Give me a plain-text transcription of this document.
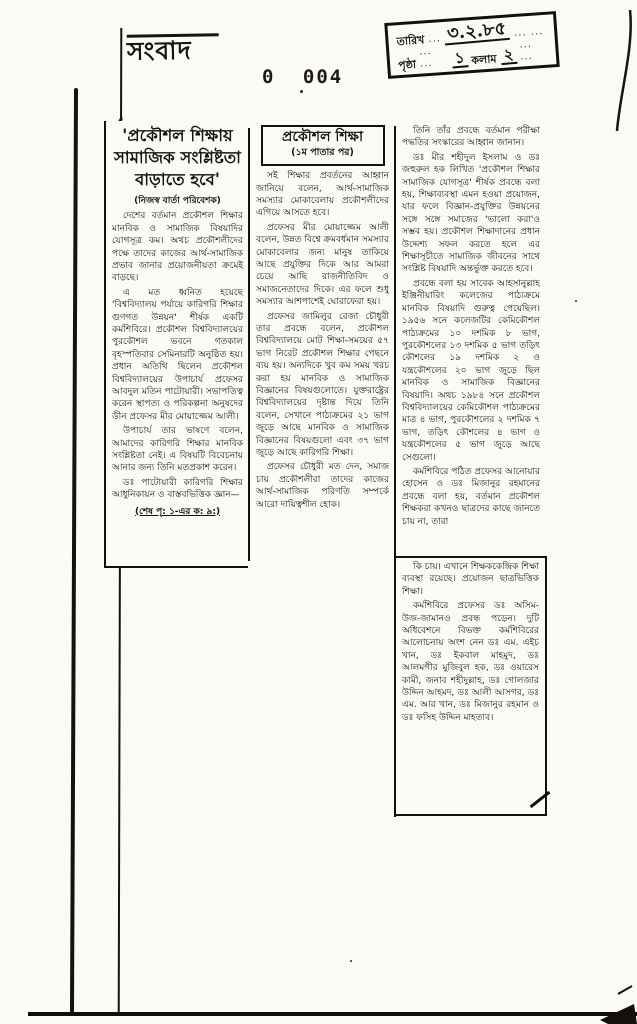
সংবাদ
0 004
তারিখ ... ৩.২.৮৫ ... ...
পৃষ্ঠা
... ...	১ কলাম ২
... ...
'প্রকৌশল শিক্ষায় সামাজিক সংশ্লিষ্টতা বাড়াতে হবে'
(নিজস্ব বার্তা পরিবেশক)

দেশের বর্তমান প্রকৌশল শিক্ষার মানবিক ও সামাজিক বিষয়াদির যোগসূত্র কম। অথচ প্রকৌশলীদের পক্ষে তাদের কাজের আর্থ-সামাজিক প্রভাব জানার প্রয়োজনীয়তা ক্রমেই বাড়ছে।

এ মত ধ্বনিত হয়েছে 'বিশ্ববিদ্যালয় পর্যায়ে কারিগরি শিক্ষার গুণগত উন্নয়ন' শীর্ষক একটি কর্মশিবিরে। প্রকৌশল বিশ্ববিদ্যালয়ের পুরকৌশল ভবনে গতকাল বৃহস্পতিবার সেমিনারটি অনুষ্ঠিত হয়। প্রধান অতিথি ছিলেন প্রকৌশল বিশ্ববিদ্যালয়ের উপাচার্য প্রফেসর আবদুল মতিন পাটোয়ারী। সভাপতিত্ব করেন স্থাপত্য ও পরিকল্পনা অনুষদের ডীন প্রফেসর মীর মোয়াজ্জেম আলী।

উপাচার্য তার ভাষণে বলেন, আমাদের কারিগরি শিক্ষার মানবিক সংশ্লিষ্টতা নেই। এ বিষয়টি বিবেচনায় আনার জন্য তিনি মতপ্রকাশ করেন।

ডঃ পাটোয়ারী কারিগরি শিক্ষার আধুনিকায়ন ও বাস্তবভিত্তিক জ্ঞান—

(শেষ পৃ: ১-এর ক: ৯:)
প্রকৌশল শিক্ষা
(১ম পাতার পর)

সই শিক্ষার প্রবর্তনের আহ্বান জানিয়ে বলেন, আর্থ-সামাজিক সমস্যার মোকাবেলায় প্রকৌশলীদের এগিয়ে আসতে হবে।

প্রফেসর মীর মোয়াজ্জেম আলী বলেন, উন্নত বিশ্বে ক্রমবর্ধমান সমস্যার মোকাবেলার জন্য মানুষ তাকিয়ে আছে প্রযুক্তির দিকে আর আমরা চেয়ে আছি রাজনীতিবিদ ও সমাজনেতাদের দিকে। এর ফলে শুধু সমস্যার আশপাশেই ঘোরাফেরা হয়।

প্রফেসর জামিলুর রেজা চৌধুরী তার প্রবন্ধে বলেন, প্রকৌশল বিশ্ববিদ্যালয়ে মোট শিক্ষা-সময়ের ৫৭ ভাগ নিরেট প্রকৌশল শিক্ষার পেছনে ব্যয় হয়। অন্যদিকে খুব কম সময় খরচ করা হয় মানবিক ও সামাজিক বিজ্ঞানের বিষয়গুলোতে। যুক্তরাষ্ট্রের বিশ্ববিদ্যালয়ের দৃষ্টান্ত দিয়ে তিনি বলেন, সেখানে পাঠ্যক্রমের ২১ ভাগ জুড়ে আছে মানবিক ও সামাজিক বিজ্ঞানের বিষয়গুলো এবং ৩৭ ভাগ জুড়ে আছে কারিগরি শিক্ষা।

প্রফেসর চৌধুরী মত দেন, সমাজ চায় প্রকৌশলীরা তাদের কাজের আর্থ-সামাজিক পরিণতি সম্পর্কে আরো দায়িত্বশীল হোক।

তিনি তাঁর প্রবন্ধে বর্তমান পরীক্ষা পদ্ধতির সংস্কারের আহ্বান জানান।

ডঃ মীর শহীদুল ইসলাম ও ডঃ জহুরুল হক লিখিত 'প্রকৌশল শিক্ষার সামাজিক যোগসূত্র' শীর্ষক প্রবন্ধে বলা হয়, শিক্ষাব্যবস্থা এমন হওয়া প্রয়োজন, যার ফলে বিজ্ঞান-প্রযুক্তির উন্নয়নের সঙ্গে সঙ্গে সমাজের 'ভালো করা'ও সম্ভব হয়। প্রকৌশল শিক্ষাদানের প্রধান উদ্দেশ্য সফল করতে হলে এর শিক্ষাসূচীতে সামাজিক জীবনের সাথে সংশ্লিষ্ট বিষয়াদি অন্তর্ভুক্ত করতে হবে।

প্রবন্ধে বলা হয় সাবেক আহসানুল্লাহ ইঞ্জিনীয়ারিং কলেজের পাঠ্যক্রমে মানবিক বিষয়াদি গুরুত্ব পেয়েছিল। ১৯৫৬ সনে কলেজটির কেমিকৌশল পাঠ্যক্রমের ১০ দশমিক ৮ ভাগ, পুরকৌশলের ১৩ দশমিক ৫ ভাগ তড়িৎ কৌশলের ১৯ দশমিক ২ ও যন্ত্রকৌশলের ২০ ভাগ জুড়ে ছিল মানবিক ও সামাজিক বিজ্ঞানের বিষয়াদি। অথচ ১৯৮৪ সনে প্রকৌশল বিশ্ববিদ্যালয়ের কেমিকৌশল পাঠ্যক্রমের মাত্র ৪ ভাগ, পুরকৌশলের ২ দশমিক ৭ ভাগ, তড়িৎ কৌশলের ৪ ভাগ ও যন্ত্রকৌশলের ৫ ভাগ জুড়ে আছে সেগুলো।

কর্মশিবিরে পঠিত প্রফেসর আনোয়ার হোসেন ও ডঃ মিজানুর রহমানের প্রবন্ধে বলা হয়, বর্তমান প্রকৌশল শিক্ষকরা কখনও ছাত্রদের কাছে জানতে চায় না, তারা

কি চায়। এখানে শিক্ষককেন্দ্রিক শিক্ষা ব্যবস্থা রয়েছে। প্রয়োজন ছাত্রভিত্তিক শিক্ষা।

কর্মশিবিরে প্রফেসর ডঃ অসিম-উজ-জামানও প্রবন্ধ পড়েন। দুটি অধিবেশনে বিভক্ত কর্মশিবিরের আলোচনায় অংশ নেন ডঃ এম. এইচ খান, ডঃ ইকবাল মাহমুদ, ডঃ আলমগীর মুজিবুল হক, ডঃ ওয়ারেস কামী, জনাব শহীদুল্লাহ, ডঃ গোলজার উদ্দিন আহমদ, ডঃ আলী আসগর, ডঃ এম. আর খান, ডঃ মিজানুর রহমান ও ডঃ ফসিহ উদ্দিন মাহতাব।
